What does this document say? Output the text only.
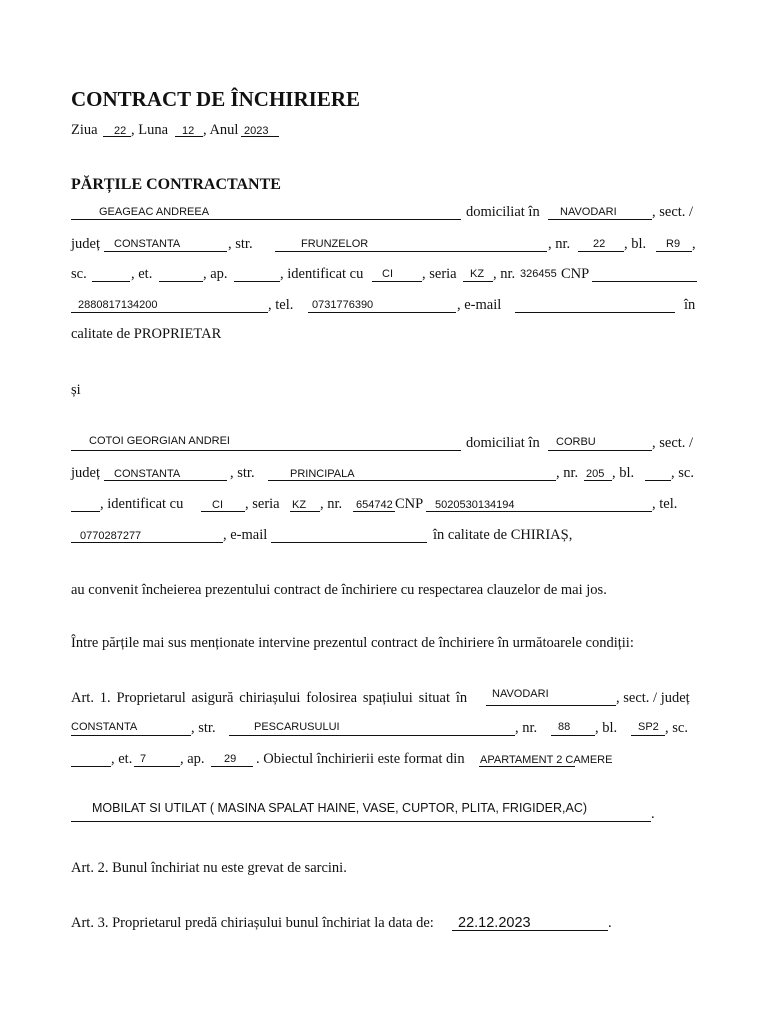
CONTRACT DE ÎNCHIRIERE
Ziua 22 , Luna 12 , Anul 2023
PĂRȚILE CONTRACTANTE
GEAGEAC ANDREEA	domiciliat în NAVODARI , sect. /
județ CONSTANTA	, str.	FRUNZELOR	, nr. 22 , bl. R9 ,
sc.	, et.	, ap.	, identificat cu CI , seria KZ , nr. 326455 CNP
2880817134200	, tel. 0731776390	, e-mail	în
calitate de PROPRIETAR
și
COTOI GEORGIAN ANDREI	domiciliat în CORBU	, sect. /
județ CONSTANTA	, str.	PRINCIPALA	, nr. 205 , bl.	, sc.
, identificat cu	CI , seria KZ , nr. 654742 CNP 5020530134194	, tel.
0770287277	, e-mail	în calitate de CHIRIAȘ,
au convenit încheierea prezentului contract de închiriere cu respectarea clauzelor de mai jos.
Între părțile mai sus menționate intervine prezentul contract de închiriere în următoarele condiții:
Art. 1. Proprietarul asigură chiriașului folosirea spațiului situat în NAVODARI	, sect. / județ
CONSTANTA	, str.	PESCARUSULUI	, nr. 88 , bl. SP2 , sc.
, et. 7 , ap. 29 . Obiectul închirierii este format din APARTAMENT 2 CAMERE
MOBILAT SI UTILAT ( MASINA SPALAT HAINE, VASE, CUPTOR, PLITA, FRIGIDER,AC)	.
Art. 2. Bunul închiriat nu este grevat de sarcini.
Art. 3. Proprietarul predă chiriașului bunul închiriat la data de: 22.12.2023	.
